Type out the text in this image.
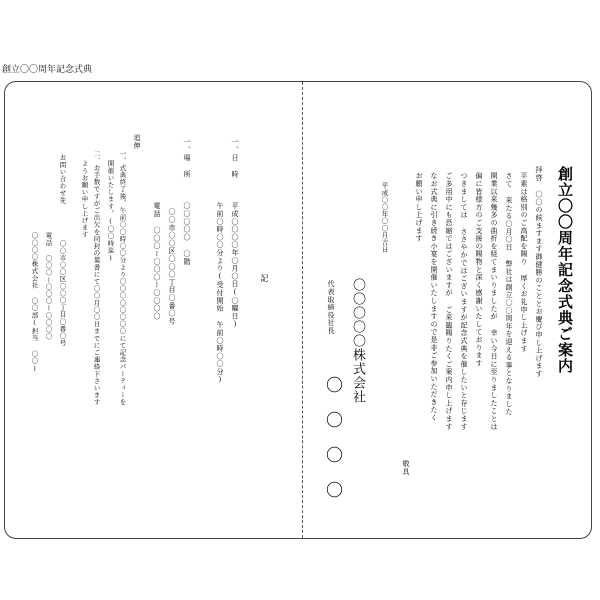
創立〇〇周年記念式典
創立〇〇周年記念式典ご案内
拝啓 〇〇の候ますます御健勝のこととお慶び申し上げます
平素は格別のご高配を賜り 厚くお礼申し上げます
さて 来たる〇月〇日 弊社は創立〇〇周年を迎える事となりました
開業以来幾多の曲折を経てまいりましたが 幸い今日に至りましたことは
偏に皆様方のご支援の賜物と深く感謝いたしております
つきましては ささやかではございますが記念式典を催したいと存じます
ご多用中にも恐縮ではございますが ご来臨賜りたくご案内申し上げます
なお式典に引き続き小宴を開催いたしますので是非ご参加いただきたく
お願い申し上げます
敬具
平成〇〇年〇〇月吉日
〇〇〇〇〇株式会社
代表取締役社長
〇〇〇〇
記
一、日 時
平成〇〇〇〇年〇月〇日(〇曜日)
午前〇時〇〇分より(受付開始 午前〇時〇〇分)
一、場 所
〇〇〇〇〇 〇階
〇〇市〇〇区〇〇〇丁目〇番〇号
電話 〇〇〇ー〇〇〇ー〇〇〇〇
追伸
一、式典終了後、午前〇〇時〇〇分より〇〇〇〇〇〇〇〇にて記念パーティーを
開催いたします。(〇〇時迄)
二、お手数ですがご出欠を同封の葉書にて〇〇月〇〇日までにご連絡下さいます
ようお願い申し上げます
お問い合わせ先
〇〇市〇〇区〇〇〇丁目〇番〇号
電話 〇〇〇ー〇〇〇ー〇〇〇〇
〇〇〇〇株式会社 〇〇部(担当 〇〇)
